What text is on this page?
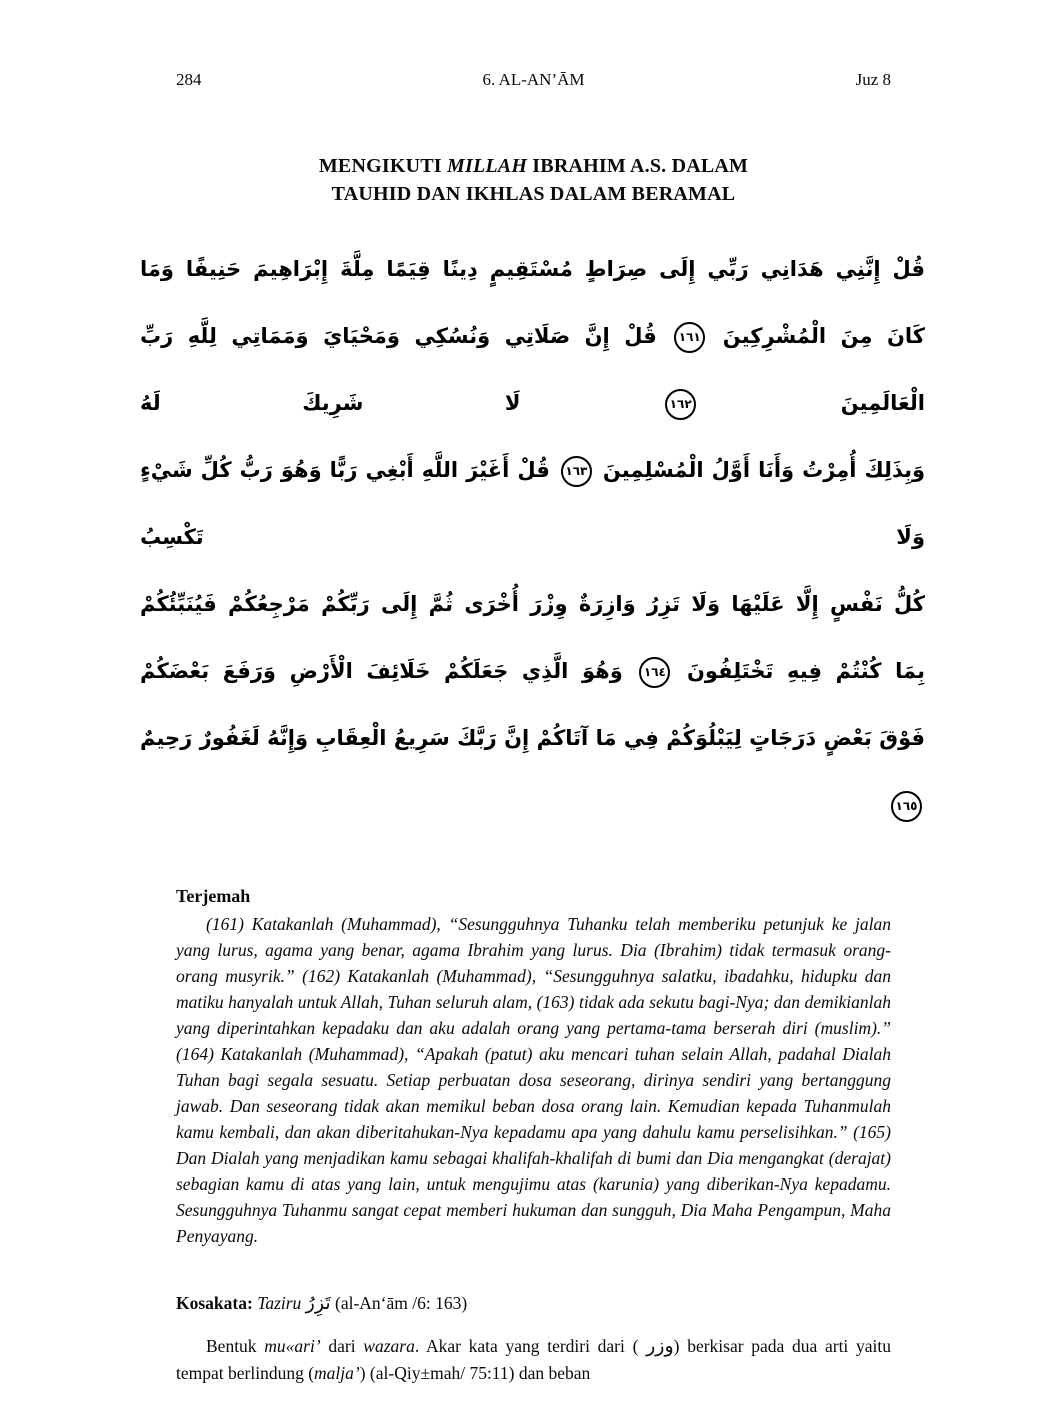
284	6. AL-AN’ĀM	Juz 8
MENGIKUTI MILLAH IBRAHIM A.S. DALAM
TAUHID DAN IKHLAS DALAM BERAMAL
قُلْ إِنَّنِي هَدَانِي رَبِّي إِلَى صِرَاطٍ مُسْتَقِيمٍ دِينًا قِيَمًا مِلَّةَ إِبْرَاهِيمَ حَنِيفًا وَمَا
كَانَ مِنَ الْمُشْرِكِينَ ١٦١ قُلْ إِنَّ صَلَاتِي وَنُسُكِي وَمَحْيَايَ وَمَمَاتِي لِلَّهِ رَبِّ الْعَالَمِينَ ١٦٢ لَا شَرِيكَ لَهُ
وَبِذَلِكَ أُمِرْتُ وَأَنَا أَوَّلُ الْمُسْلِمِينَ ١٦٣ قُلْ أَغَيْرَ اللَّهِ أَبْغِي رَبًّا وَهُوَ رَبُّ كُلِّ شَيْءٍ وَلَا تَكْسِبُ
كُلُّ نَفْسٍ إِلَّا عَلَيْهَا وَلَا تَزِرُ وَازِرَةٌ وِزْرَ أُخْرَى ثُمَّ إِلَى رَبِّكُمْ مَرْجِعُكُمْ فَيُنَبِّئُكُمْ
بِمَا كُنْتُمْ فِيهِ تَخْتَلِفُونَ ١٦٤ وَهُوَ الَّذِي جَعَلَكُمْ خَلَائِفَ الْأَرْضِ وَرَفَعَ بَعْضَكُمْ
فَوْقَ بَعْضٍ دَرَجَاتٍ لِيَبْلُوَكُمْ فِي مَا آتَاكُمْ إِنَّ رَبَّكَ سَرِيعُ الْعِقَابِ وَإِنَّهُ لَغَفُورٌ رَحِيمٌ ١٦٥
Terjemah
(161) Katakanlah (Muhammad), “Sesungguhnya Tuhanku telah memberiku petunjuk ke jalan yang lurus, agama yang benar, agama Ibrahim yang lurus. Dia (Ibrahim) tidak termasuk orang-orang musyrik.” (162) Katakanlah (Muhammad), “Sesungguhnya salatku, ibadahku, hidupku dan matiku hanyalah untuk Allah, Tuhan seluruh alam, (163) tidak ada sekutu bagi-Nya; dan demikianlah yang diperintahkan kepadaku dan aku adalah orang yang pertama-tama berserah diri (muslim).” (164) Katakanlah (Muhammad), “Apakah (patut) aku mencari tuhan selain Allah, padahal Dialah Tuhan bagi segala sesuatu. Setiap perbuatan dosa seseorang, dirinya sendiri yang bertanggung jawab. Dan seseorang tidak akan memikul beban dosa orang lain. Kemudian kepada Tuhanmulah kamu kembali, dan akan diberitahukan-Nya kepadamu apa yang dahulu kamu perselisihkan.” (165) Dan Dialah yang menjadikan kamu sebagai khalifah-khalifah di bumi dan Dia mengangkat (derajat) sebagian kamu di atas yang lain, untuk mengujimu atas (karunia) yang diberikan-Nya kepadamu. Sesungguhnya Tuhanmu sangat cepat memberi hukuman dan sungguh, Dia Maha Pengampun, Maha Penyayang.
Kosakata: Taziru تَزِرُ (al-An‘ām /6: 163)
Bentuk mu«ari’ dari wazara. Akar kata yang terdiri dari ( وزر) berkisar pada dua arti yaitu tempat berlindung (malja’) (al-Qiy±mah/ 75:11) dan beban
